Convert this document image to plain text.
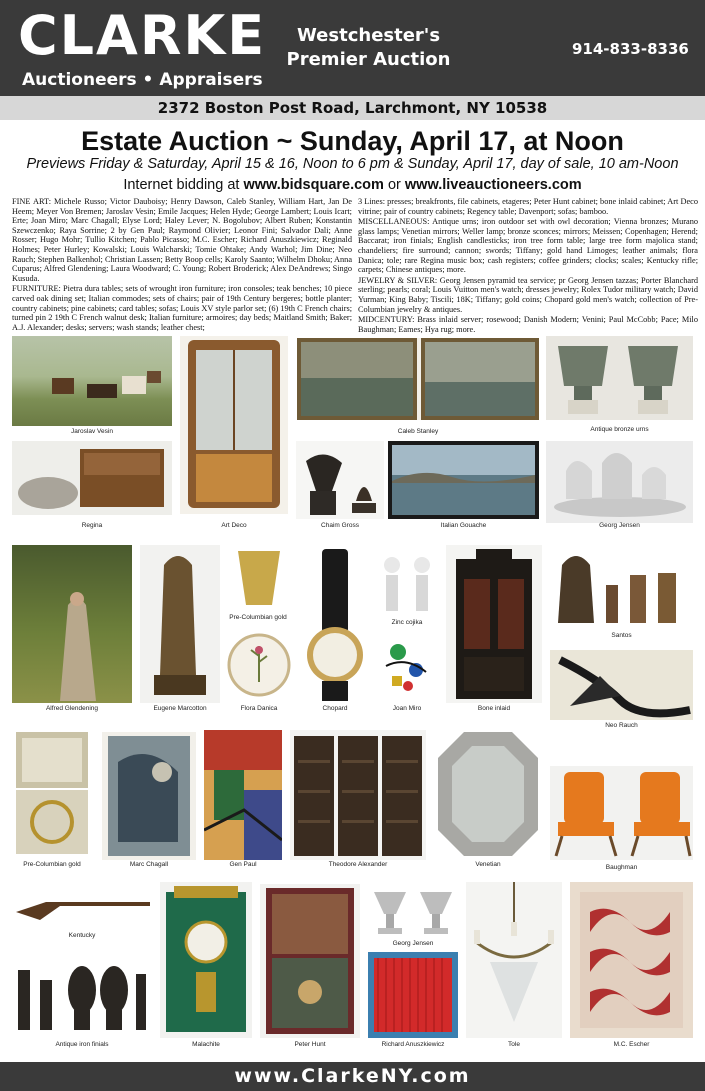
CLARKE
Auctioneers • Appraisers
Westchester's
Premier Auction	914-833-8336
2372 Boston Post Road, Larchmont, NY 10538
Estate Auction ~ Sunday, April 17, at Noon
Previews Friday & Saturday, April 15 & 16, Noon to 6 pm & Sunday, April 17, day of sale, 10 am-Noon
Internet bidding at www.bidsquare.com or www.liveauctioneers.com

FINE ART: Michele Russo; Victor Dauboisy; Henry Dawson, Caleb Stanley, William Hart, Jan De Heem; Meyer Von Bremen; Jaroslav Vesin; Emile Jacques; Helen Hyde; George Lambert; Louis Icart; Erte; Joan Miro; Marc Chagall; Elyse Lord; Haley Lever; N. Bogolubov; Albert Ruben; Konstantin Szewczenko; Raya Sorrine; 2 by Gen Paul; Raymond Olivier; Leonor Fini; Salvador Dali; Anne Rosser; Hugo Mohr; Tullio Kitchen; Pablo Picasso; M.C. Escher; Richard Anuszkiewicz; Reginald Holmes; Peter Hurley; Kowalski; Louis Walcharski; Tomie Ohtake; Andy Warhol; Jim Dine; Neo Rauch; Stephen Balkenhol; Christian Lassen; Betty Boop cells; Karoly Saanto; Wilhelm Dhoku; Anna Cuparus; Alfred Glendening; Laura Woodward; C. Young; Robert Broderick; Alex DeAndrews; Singo Kusuda.

FURNITURE: Pietra dura tables; sets of wrought iron furniture; iron consoles; teak benches; 10 piece carved oak dining set; Italian commodes; sets of chairs; pair of 19th Century bergeres; bottle planter; country cabinets; pine cabinets; card tables; sofas; Louis XV style parlor set; (6) 19th C French chairs; turned pin 2 19th C French walnut desk; Italian furniture; armoires; day beds; Maitland Smith; Baker; A.J. Alexander; desks; servers; wash stands; leather chest;

3 Lines: presses; breakfronts, file cabinets, etageres; Peter Hunt cabinet; bone inlaid cabinet; Art Deco vitrine; pair of country cabinets; Regency table; Davenport; sofas; bamboo.

MISCELLANEOUS: Antique urns; iron outdoor set with owl decoration; Vienna bronzes; Murano glass lamps; Venetian mirrors; Weller lamp; bronze sconces; mirrors; Meissen; Copenhagen; Herend; Baccarat; iron finials; English candlesticks; iron tree form table; large tree form majolica stand; chandeliers; fire surround; cannon; swords; Tiffany; gold hand Limoges; leather animals; flora Danica; tole; rare Regina music box; cash registers; coffee grinders; clocks; scales; Kentucky rifle; carpets; Chinese antiques; more.

JEWELRY & SILVER: Georg Jensen pyramid tea service; pr Georg Jensen tazzas; Porter Blanchard sterling; pearls; coral; Louis Vuitton men's watch; dresses jewelry; Rolex Tudor military watch; David Yurman; King Baby; Tiscili; 18K; Tiffany; gold coins; Chopard gold men's watch; collection of Pre-Columbian jewelry & antiques.

MIDCENTURY: Brass inlaid server; rosewood; Danish Modern; Venini; Paul McCobb; Pace; Milo Baughman; Eames; Hya rug; more.

Jaroslav Vesin
Art Deco
Caleb Stanley	Antique bronze urns
Regina	Chaim Gross	Italian Gouache	Georg Jensen
Alfred Glendening	Eugene Marcotton
Pre-Columbian gold
Flora Danica	Chopard
Zinc cojika
Joan Miro	Bone inlaid
Santos
Neo Rauch
Pre-Columbian gold	Marc Chagall	Gen Paul	Theodore Alexander	Venetian	Baughman
Kentucky
Antique iron finials	Malachite	Peter Hunt
Georg Jensen
Richard Anuszkiewicz	Tole	M.C. Escher
www.ClarkeNY.com
